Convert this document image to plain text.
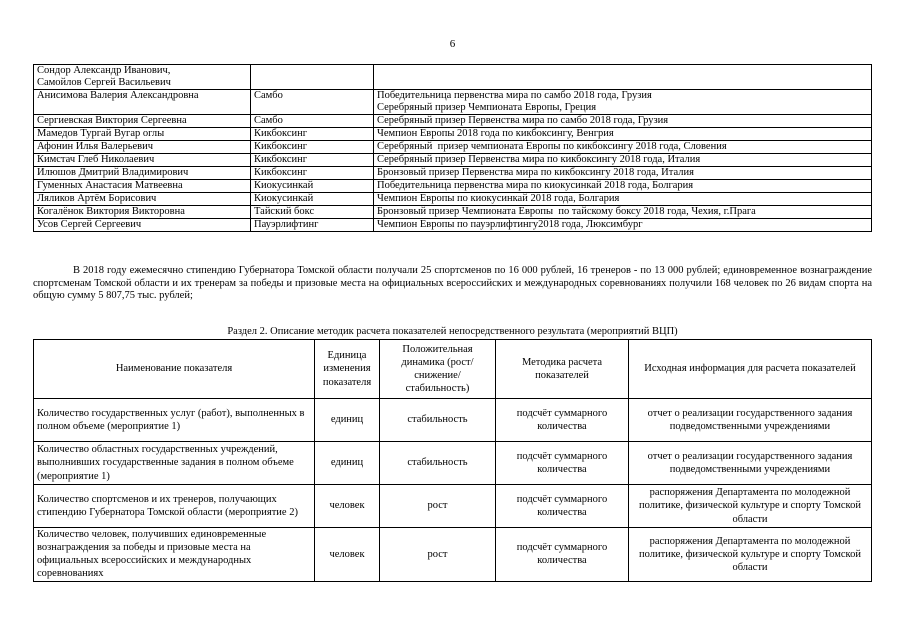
6
Сондор Александр Иванович,
Самойлов Сергей Васильевич		
Анисимова Валерия Александровна	Самбо	Победительница первенства мира по самбо 2018 года, Грузия
Серебряный призер Чемпионата Европы, Греция
Сергиевская Виктория Сергеевна	Самбо	Серебряный призер Первенства мира по самбо 2018 года, Грузия
Мамедов Тургай Вугар оглы	Кикбоксинг	Чемпион Европы 2018 года по кикбоксингу, Венгрия
Афонин Илья Валерьевич	Кикбоксинг	Серебряный  призер чемпионата Европы по кикбоксингу 2018 года, Словения
Кимстач Глеб Николаевич	Кикбоксинг	Серебряный призер Первенства мира по кикбоксингу 2018 года, Италия
Илюшов Дмитрий Владимирович	Кикбоксинг	Бронзовый призер Первенства мира по кикбоксингу 2018 года, Италия
Гуменных Анастасия Матвеевна	Киокусинкай	Победительница первенства мира по киокусинкай 2018 года, Болгария
Ляликов Артём Борисович	Киокусинкай	Чемпион Европы по киокусинкай 2018 года, Болгария
Когалёнок Виктория Викторовна	Тайский бокс	Бронзовый призер Чемпионата Европы  по тайскому боксу 2018 года, Чехия, г.Прага
Усов Сергей Сергеевич	Пауэрлифтинг	Чемпион Европы по пауэрлифтингу2018 года, Люксимбург
В 2018 году ежемесячно стипендию Губернатора Томской области получали 25 спортсменов по 16 000 рублей, 16 тренеров - по 13 000 рублей; единовременное вознаграждение спортсменам Томской области и их тренерам за победы и призовые места на официальных всероссийских и международных соревнованиях получили 168 человек по 26 видам спорта на общую сумму 5 807,75 тыс. рублей;
Раздел 2. Описание методик расчета показателей непосредственного результата (мероприятий ВЦП)
Наименование показателя	Единица изменения показателя	Положительная динамика (рост/ снижение/ стабильность)	Методика расчета показателей	Исходная информация для расчета показателей
Количество государственных услуг (работ), выполненных в полном объеме (мероприятие 1)	единиц	стабильность	подсчёт суммарного количества	отчет о реализации государственного задания подведомственными учреждениями
Количество областных государственных учреждений, выполнивших государственные задания в полном объеме (мероприятие 1)	единиц	стабильность	подсчёт суммарного количества	отчет о реализации государственного задания подведомственными учреждениями
Количество спортсменов и их тренеров, получающих стипендию Губернатора Томской области (мероприятие 2)	человек	рост	подсчёт суммарного количества	распоряжения Департамента по молодежной политике, физической культуре и спорту Томской области
Количество человек, получивших единовременные вознаграждения за победы и призовые места на официальных всероссийских и международных соревнованиях	человек	рост	подсчёт суммарного количества	распоряжения Департамента по молодежной политике, физической культуре и спорту Томской области
